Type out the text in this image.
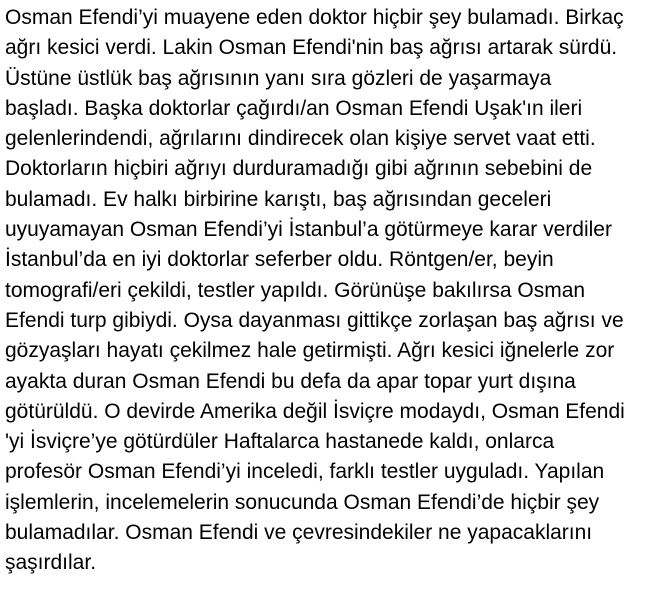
Osman Efendi’yi muayene eden doktor hiçbir şey bulamadı. Birkaç
ağrı kesici verdi. Lakin Osman Efendi'nin baş ağrısı artarak sürdü.
Üstüne üstlük baş ağrısının yanı sıra gözleri de yaşarmaya
başladı. Başka doktorlar çağırdı/an Osman Efendi Uşak'ın ileri
gelenlerindendi, ağrılarını dindirecek olan kişiye servet vaat etti.
Doktorların hiçbiri ağrıyı durduramadığı gibi ağrının sebebini de
bulamadı. Ev halkı birbirine karıştı, baş ağrısından geceleri
uyuyamayan Osman Efendi’yi İstanbul’a götürmeye karar verdiler
İstanbul’da en iyi doktorlar seferber oldu. Röntgen/er, beyin
tomografi/eri çekildi, testler yapıldı. Görünüşe bakılırsa Osman
Efendi turp gibiydi. Oysa dayanması gittikçe zorlaşan baş ağrısı ve
gözyaşları hayatı çekilmez hale getirmişti. Ağrı kesici iğnelerle zor
ayakta duran Osman Efendi bu defa da apar topar yurt dışına
götürüldü. O devirde Amerika değil İsviçre modaydı, Osman Efendi
'yi İsviçre’ye götürdüler Haftalarca hastanede kaldı, onlarca
profesör Osman Efendi’yi inceledi, farklı testler uyguladı. Yapılan
işlemlerin, incelemelerin sonucunda Osman Efendi’de hiçbir şey
bulamadılar. Osman Efendi ve çevresindekiler ne yapacaklarını
şaşırdılar.
